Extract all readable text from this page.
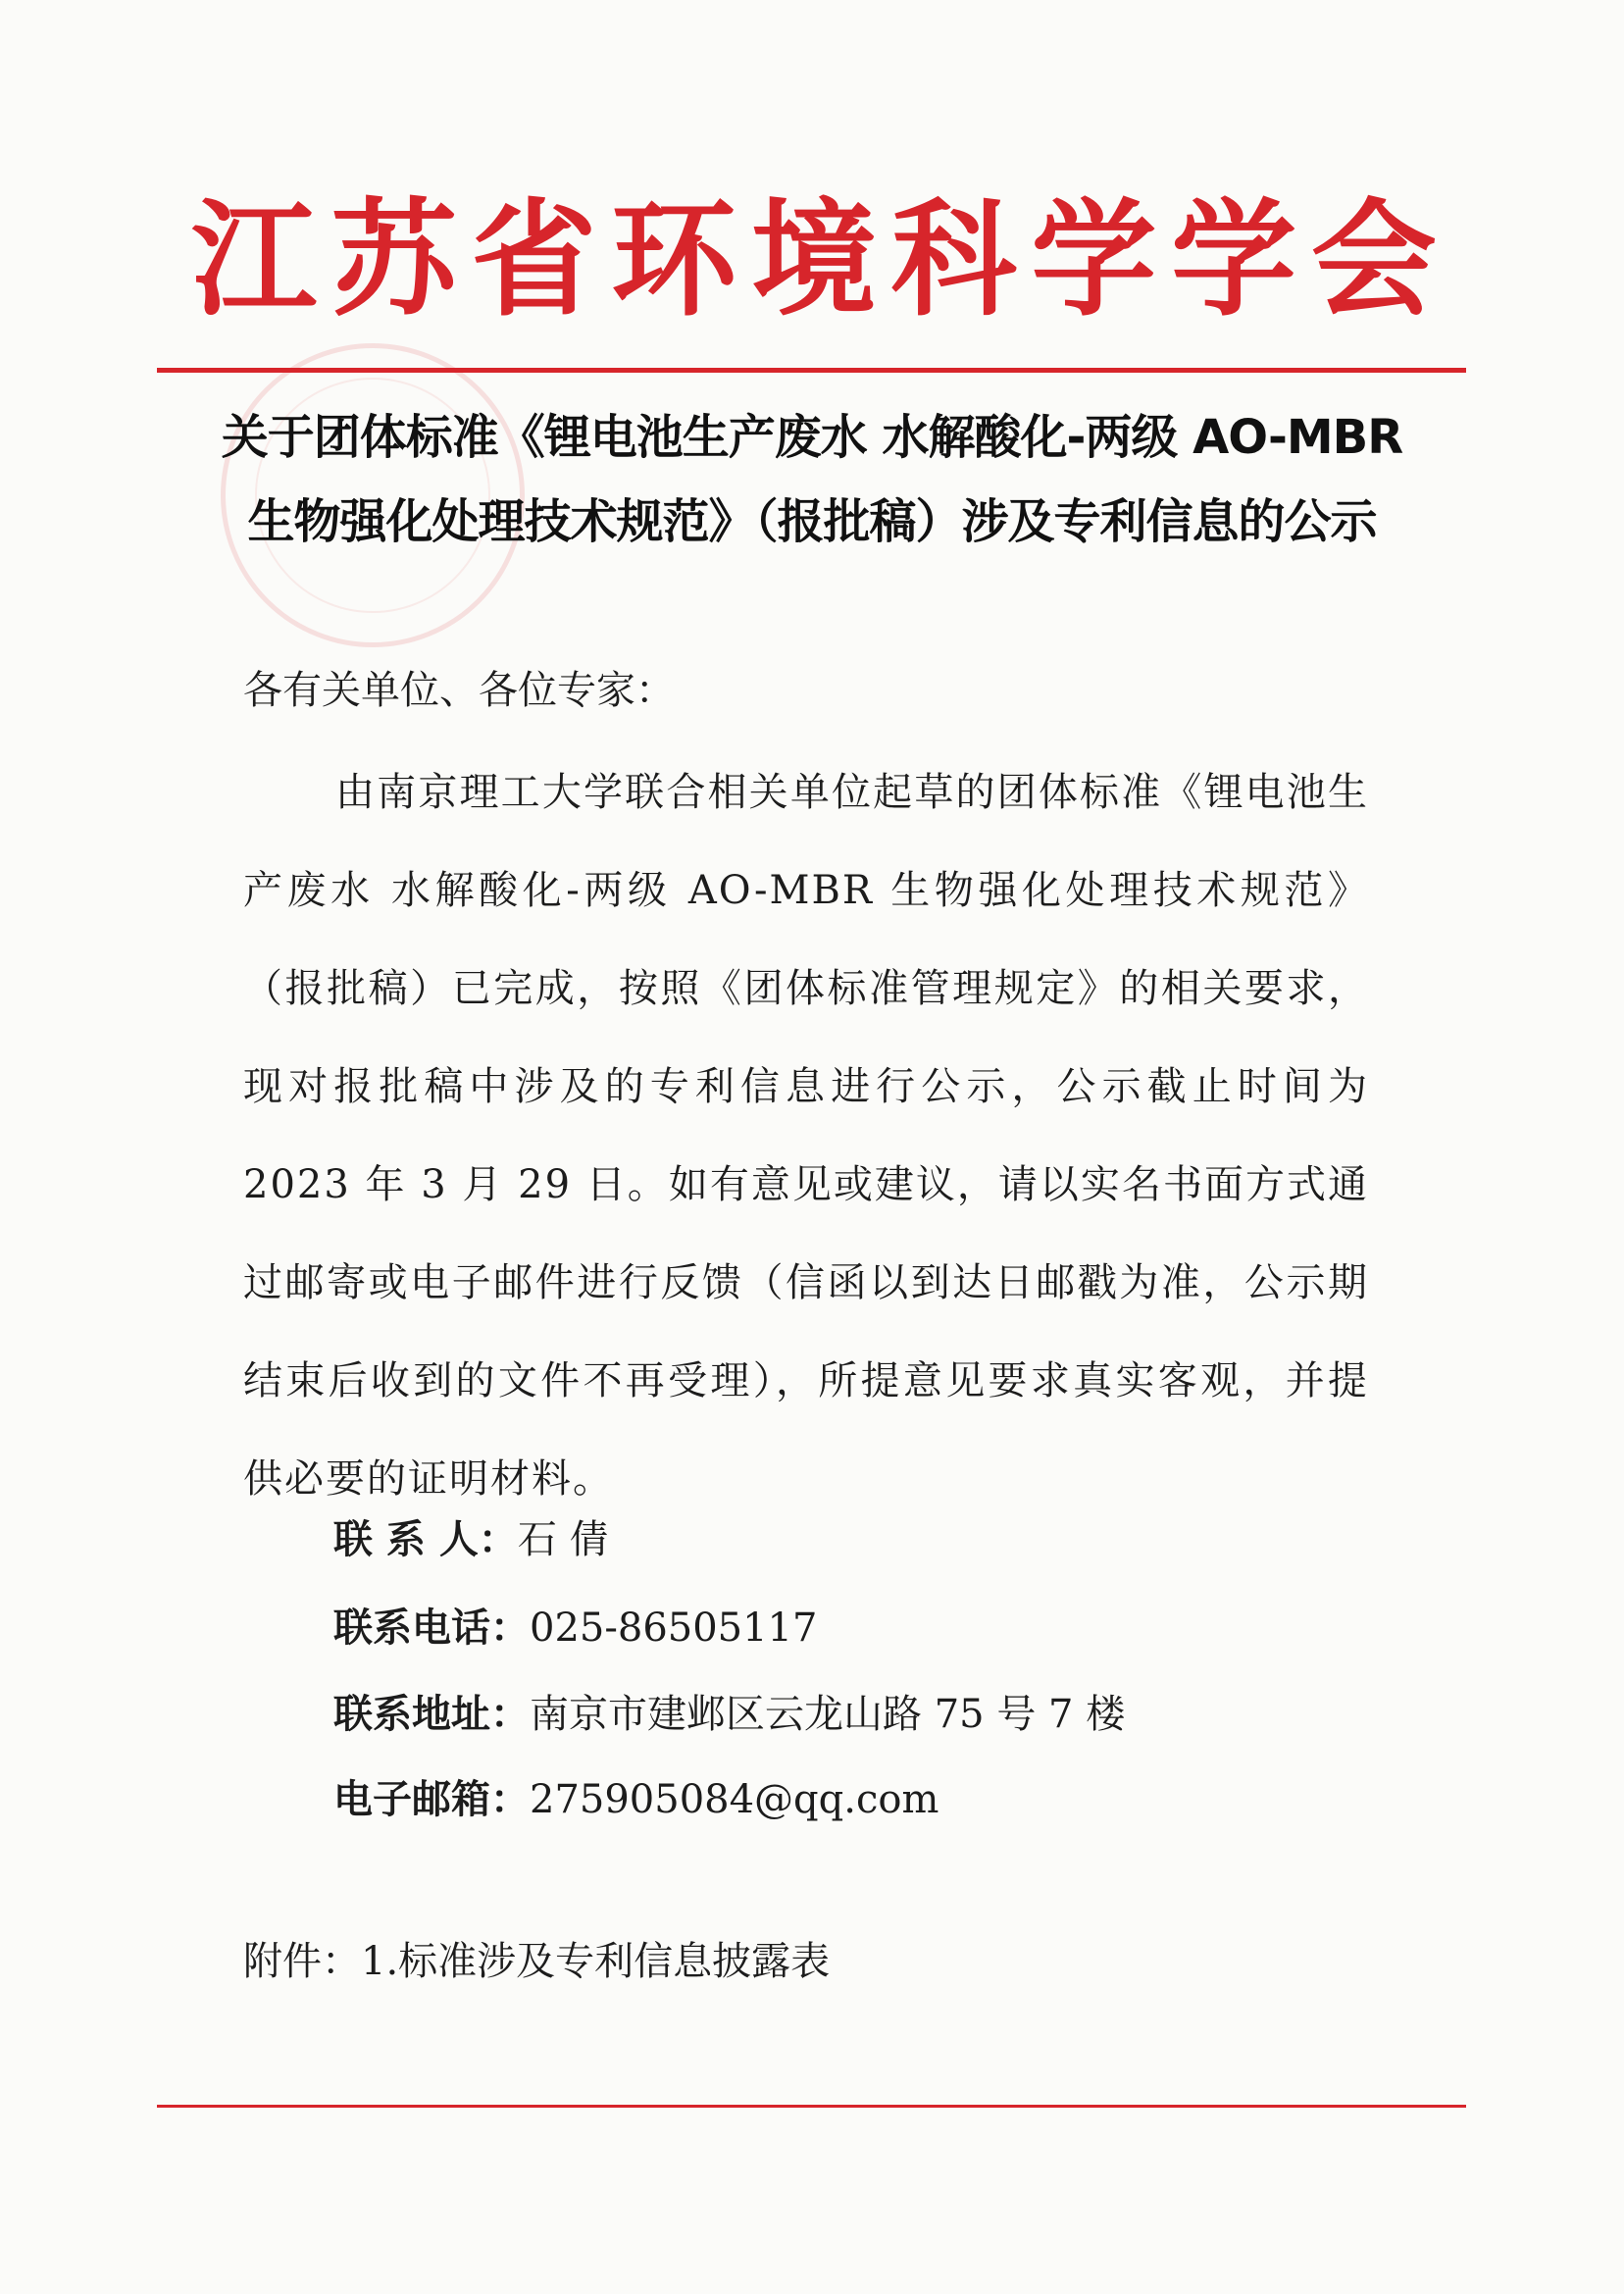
江 苏 省 环 境 科 学 学 会
关于团体标准《锂电池生产废水 水解酸化-两级 AO-MBR
生物强化处理技术规范》（报批稿）涉及专利信息的公示
各有关单位、各位专家：
由南京理工大学联合相关单位起草的团体标准《锂电池生产废水 水解酸化-两级 AO-MBR 生物强化处理技术规范》（报批稿）已完成，按照《团体标准管理规定》的相关要求，现对报批稿中涉及的专利信息进行公示，公示截止时间为 2023 年 3 月 29 日。如有意见或建议，请以实名书面方式通过邮寄或电子邮件进行反馈（信函以到达日邮戳为准，公示期结束后收到的文件不再受理），所提意见要求真实客观，并提供必要的证明材料。
联 系 人：石 倩
联系电话：025-86505117
联系地址：南京市建邺区云龙山路 75 号 7 楼
电子邮箱：275905084@qq.com
附件：1.标准涉及专利信息披露表
